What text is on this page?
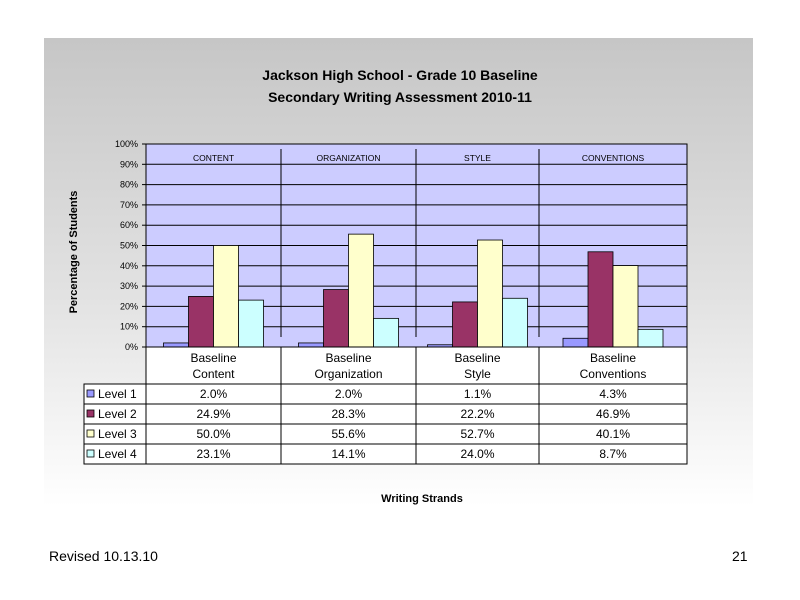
Jackson High School - Grade 10 Baseline
Secondary Writing Assessment 2010-11
0%
10%
20%
30%
40%
50%
60%
70%
80%
90%
100%
CONTENT	ORGANIZATION	STYLE	CONVENTIONS
Baseline
Content
Baseline
Organization
Baseline
Style
Baseline
Conventions
Level 1	2.0%	2.0%	1.1%	4.3%
Level 2	24.9%	28.3%	22.2%	46.9%
Level 3	50.0%	55.6%	52.7%	40.1%
Level 4	23.1%	14.1%	24.0%	8.7%
Percentage of Students
Writing Strands
Revised 10.13.10	21
